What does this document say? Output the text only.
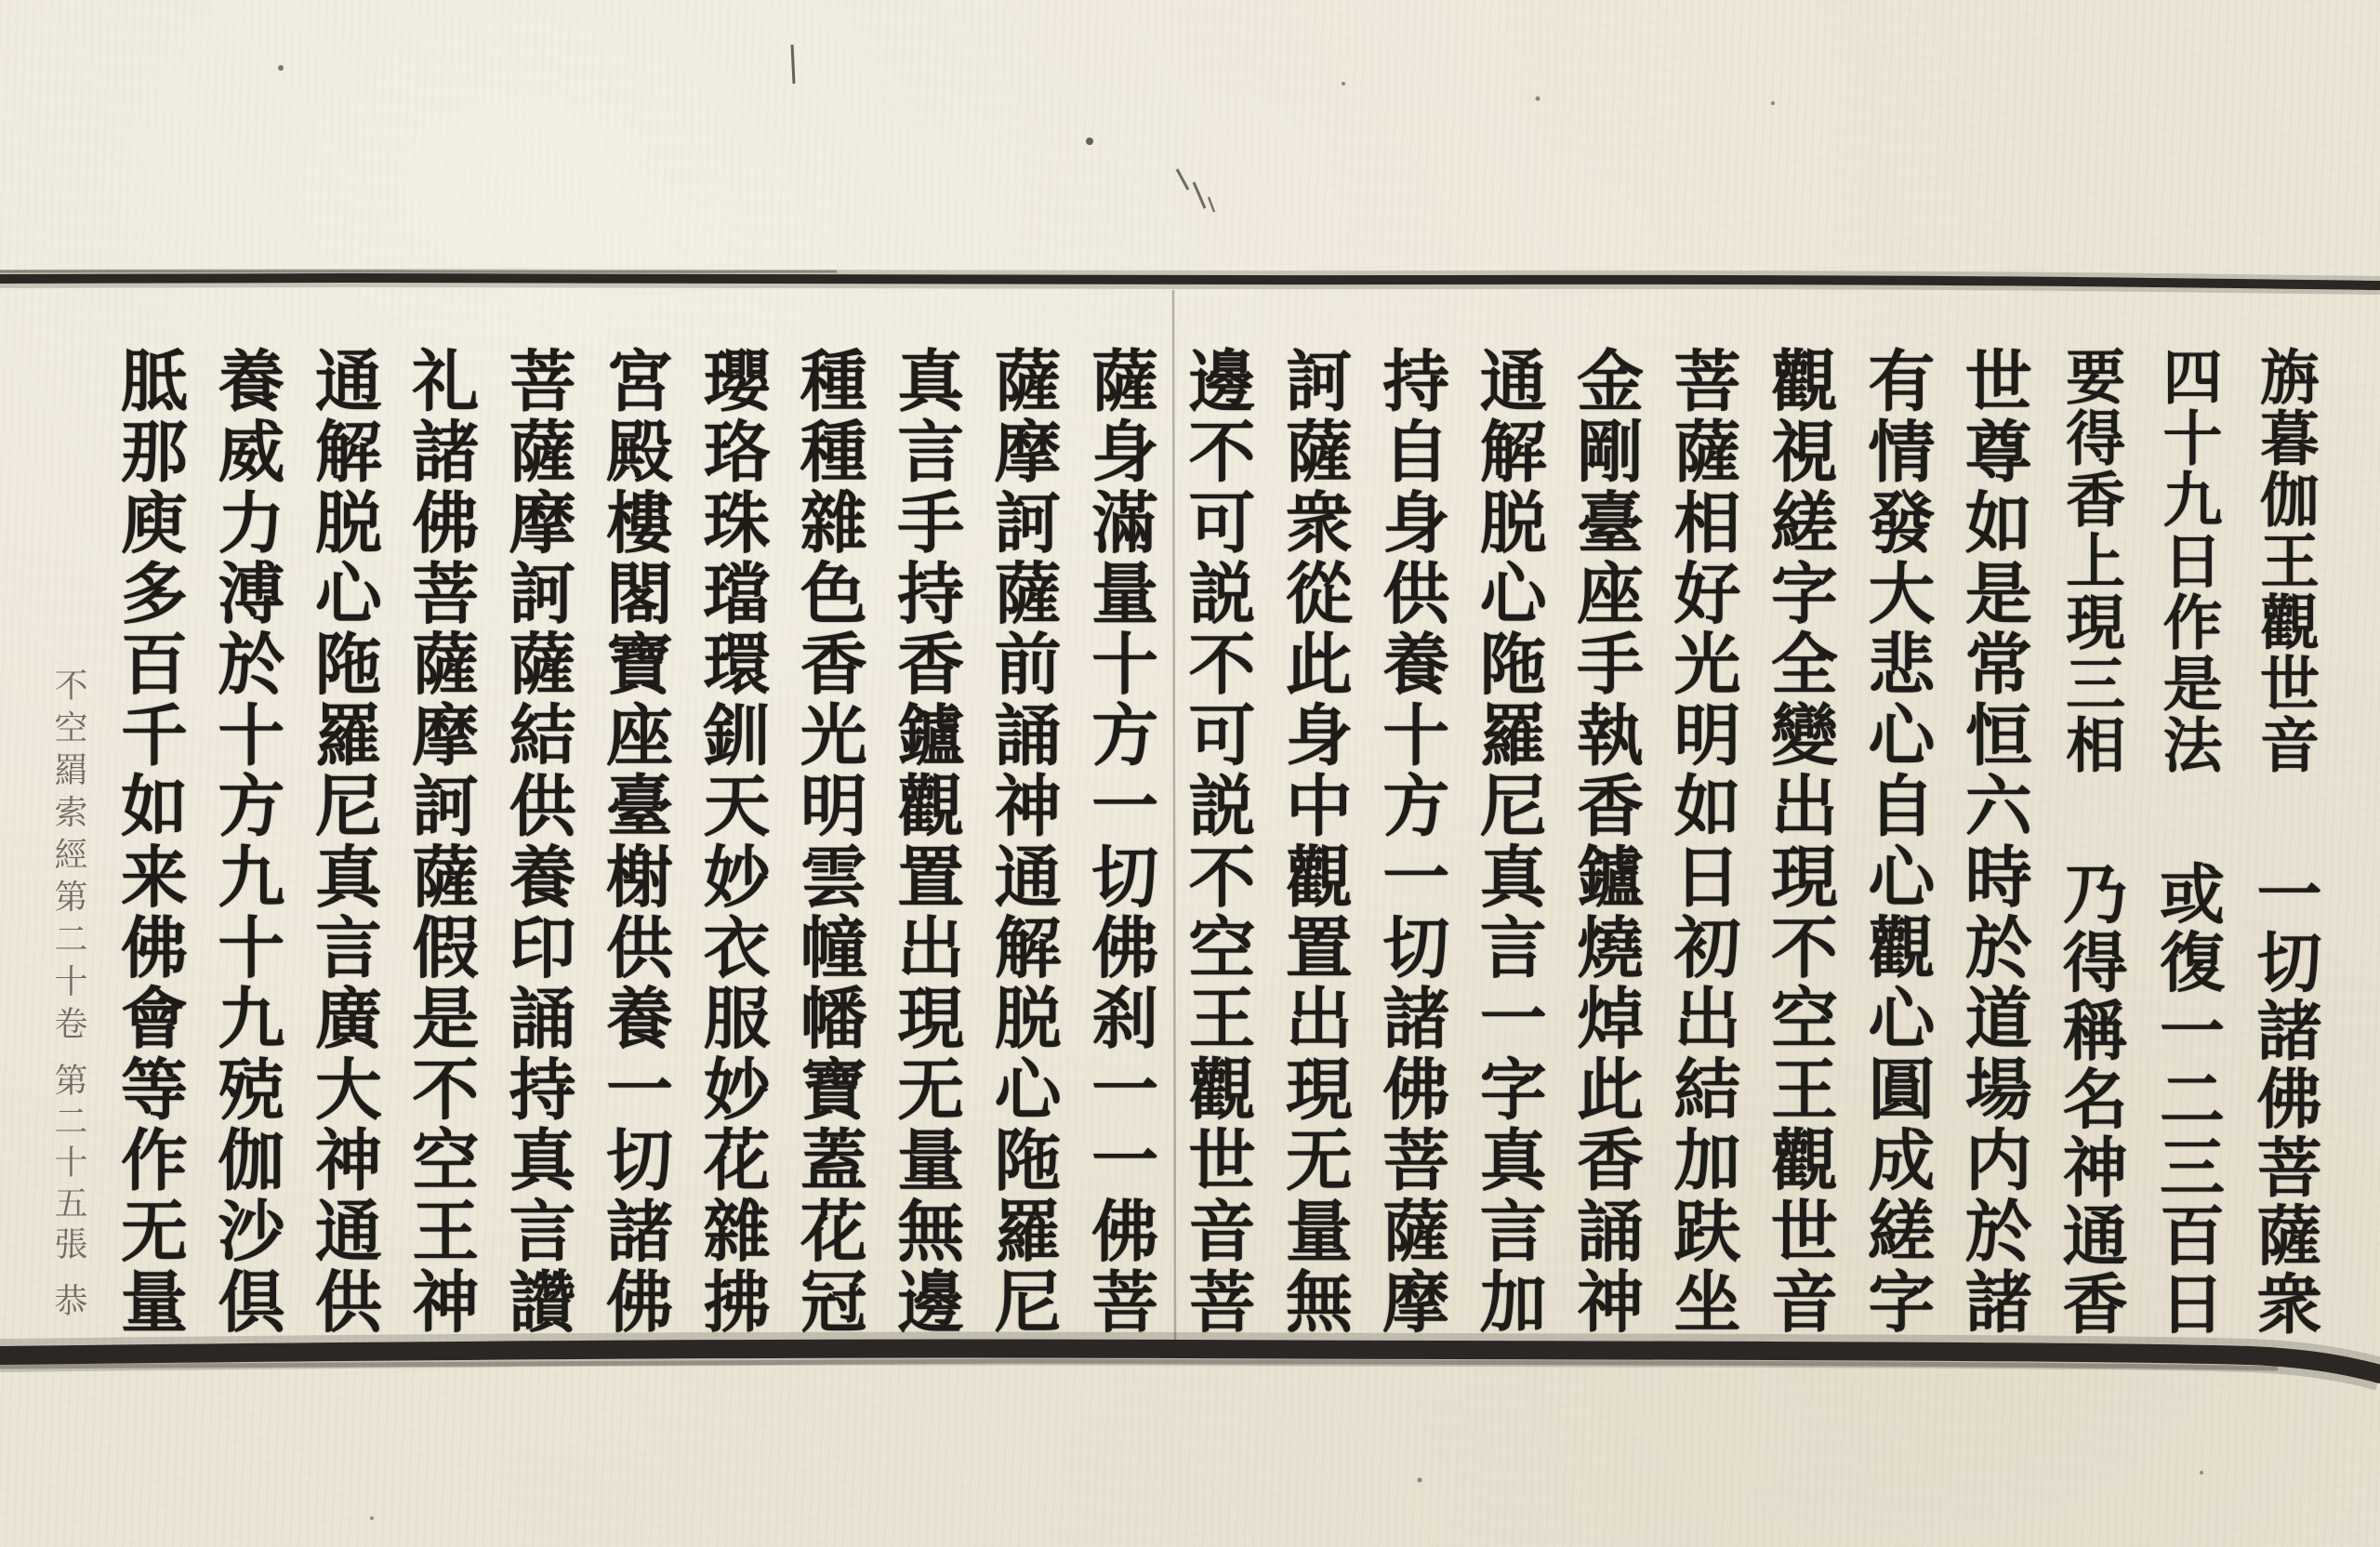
旃暮伽王觀世音
一切諸佛菩薩衆
四十九日作是法
或復一二三百日
要得香上現三相
乃得稱名神通香
世尊如是常恒六時於道場内於諸
有情發大悲心自心觀心圓成縒字
觀視縒字全變出現不空王觀世音
菩薩相好光明如日初出結加趺坐
金剛臺座手執香鑪燒焯此香誦神
通解脱心陁羅尼真言一字真言加
持自身供養十方一切諸佛菩薩摩
訶薩衆從此身中觀置出現无量無
邊不可説不可説不空王觀世音菩
薩身滿量十方一切佛刹一一佛菩
薩摩訶薩前誦神通解脱心陁羅尼
真言手持香鑪觀置出現无量無邊
種種雜色香光明雲幢幡寶蓋花冠
瓔珞珠璫環釧天妙衣服妙花雜拂
宮殿樓閣寶座臺榭供養一切諸佛
菩薩摩訶薩結供養印誦持真言讚
礼諸佛菩薩摩訶薩假是不空王神
通解脱心陁羅尼真言廣大神通供
養威力溥於十方九十九殑伽沙倶
胝那庾多百千如来佛會等作无量
不空羂索經第二十卷
第二十五張
恭
